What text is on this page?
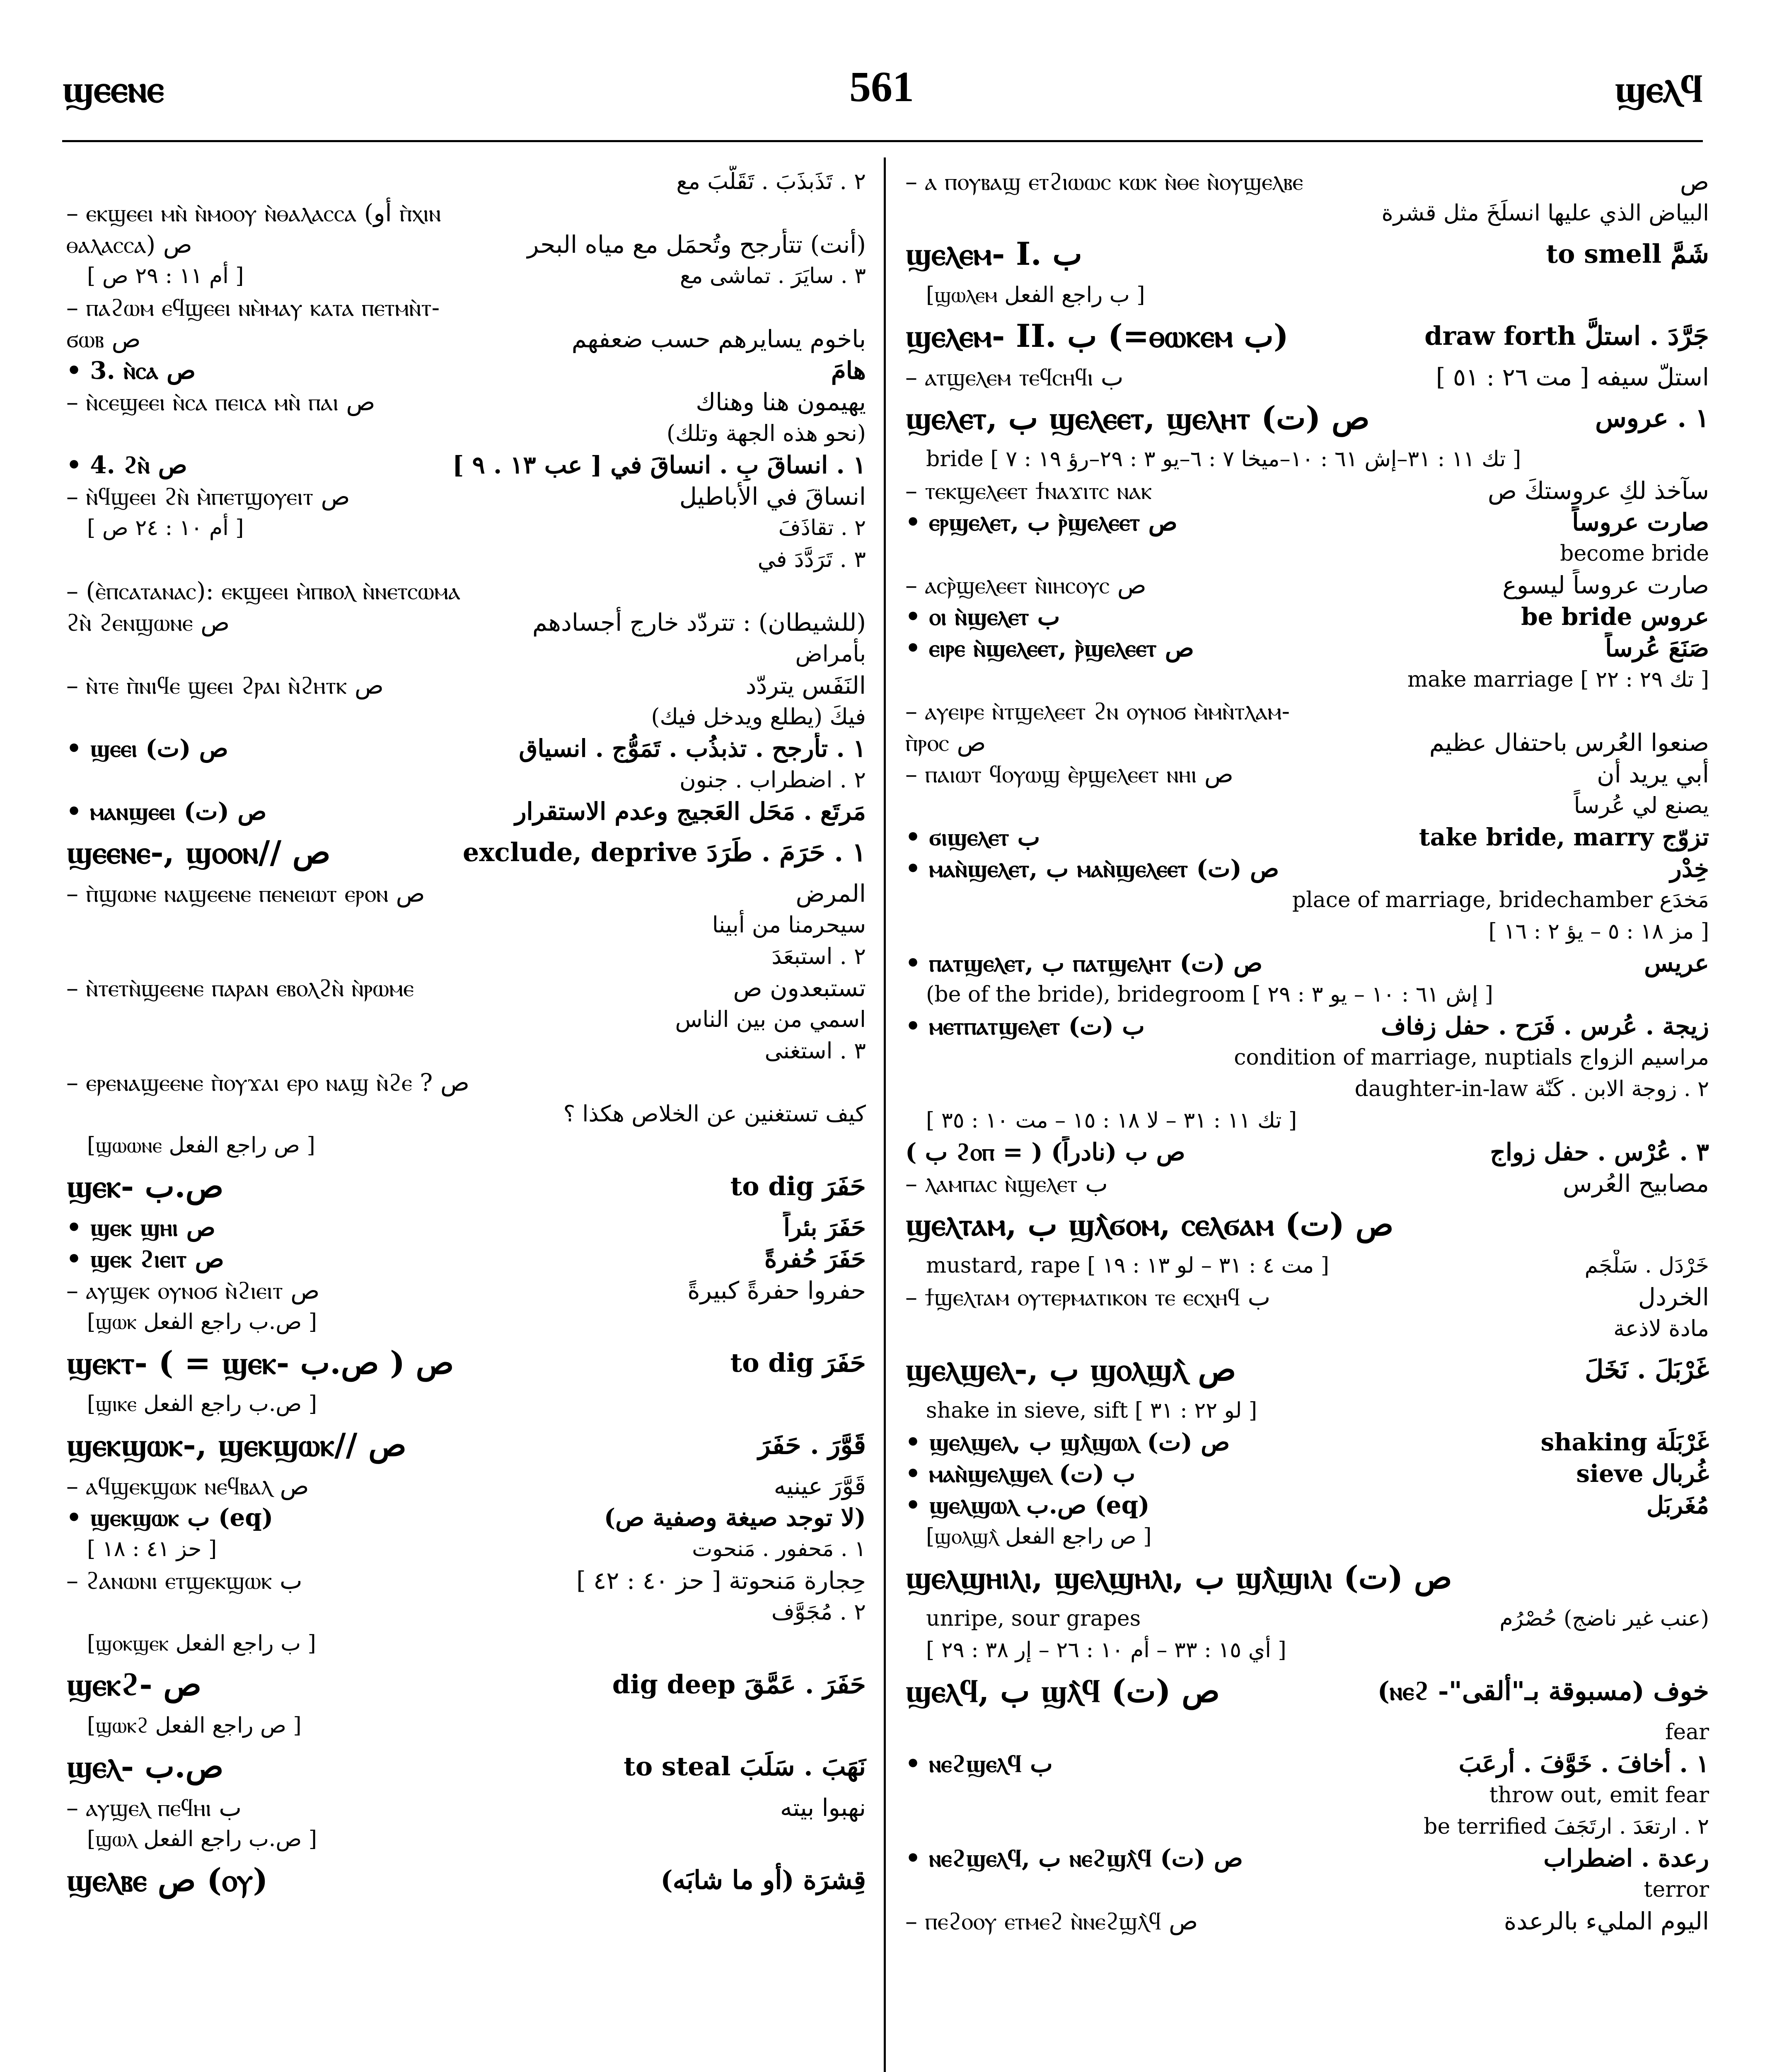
ϣⲉⲉⲛⲉ	561	ϣⲉⲗϥ
٢ . تَذَبذَبَ . تَقَلَّبَ مع
– ⲉⲕϣⲉⲉⲓ ⲙⲛ̀ ⲛ̀ⲙⲟⲟⲩ ⲛ̀ⲑⲁⲗⲁⲥⲥⲁ (أو ⲡ̀ⲭⲓⲛ
ⲑⲁⲗⲁⲥⲥⲁ) ص	(أنت) تتأرجح وتُحمَل مع مياه البحر
[ أم ١١ : ٢٩ ص ]	٣ . سايَرَ . تماشى مع
– ⲡⲁϩⲱⲙ ⲉϥϣⲉⲉⲓ ⲛⲙ̀ⲙⲁⲩ ⲕⲁⲧⲁ ⲡⲉⲧⲙⲛ̀ⲧ-
ϭⲱⲃ ص	باخوم يسايرهم حسب ضعفهم
• 3. ⲛ̀ⲥⲁ ص	هامَ
– ⲛ̀ⲥⲉϣⲉⲉⲓ ⲛ̀ⲥⲁ ⲡⲉⲓⲥⲁ ⲙⲛ̀ ⲡⲁⲓ ص	يهيمون هنا وهناك
(نحو هذه الجهة وتلك)
• 4. ϩⲛ̀ ص	١ . انساقَ بِ . انساقَ في [ عب ١٣ . ٩ ]
– ⲛ̀ϥϣⲉⲉⲓ ϩⲛ̀ ⲙ̀ⲡⲉⲧϣⲟⲩⲉⲓⲧ ص	انساقَ في الأباطيل
[ أم ١٠ : ٢٤ ص ]	٢ . تقاذَفَ
٣ . تَرَدَّدَ في
– (ⲉ̀ⲡⲥⲁⲧⲁⲛⲁⲥ): ⲉⲕϣⲉⲉⲓ ⲙ̀ⲡⲃⲟⲗ ⲛ̀ⲛⲉⲧⲥⲱⲙⲁ
ϩⲛ̀ ϩⲉⲛϣⲱⲛⲉ ص	(للشيطان) : تتردّد خارج أجسادهم
بأمراض
– ⲛ̀ⲧⲉ ⲡ̀ⲛⲓϥⲉ ϣⲉⲉⲓ ϩⲣⲁⲓ ⲛ̀ϩⲏⲧⲕ ص	النَفَس يتردّد
فيكَ (يطلع ويدخل فيك)
• ϣⲉⲉⲓ ص (ت)	١ . تأرجح . تذبذُب . تَمَوُّج . انسياق
٢ . اضطراب . جنون
• ⲙⲁⲛϣⲉⲉⲓ ص (ت)	مَرتَع . مَحَل العَجيج وعدم الاستقرار
ϣⲉⲉⲛⲉ-, ϣⲟⲟⲛ// ص	exclude, deprive ١ . حَرَمَ . طَرَدَ
– ⲡ̀ϣⲱⲛⲉ ⲛⲁϣⲉⲉⲛⲉ ⲡⲉⲛⲉⲓⲱⲧ ⲉⲣⲟⲛ ص	المرض
سيحرمنا من أبينا
٢ . استبعَدَ
– ⲛ̀ⲧⲉⲧⲛ̀ϣⲉⲉⲛⲉ ⲡⲁⲣⲁⲛ ⲉⲃⲟⲗϩⲛ̀ ⲛ̀ⲣⲱⲙⲉ	تستبعدون ص
اسمي من بين الناس
٣ . استغنى
– ⲉⲣⲉⲛⲁϣⲉⲉⲛⲉ ⲡ̀ⲟⲩϫⲁⲓ ⲉⲣⲟ ⲛⲁϣ ⲛ̀ϩⲉ ? ص
كيف تستغنين عن الخلاص هكذا ؟
[ϣⲱⲱⲛⲉ ص راجع الفعل ]
ϣⲉⲕ- ص.ب	to dig حَفَرَ
• ϣⲉⲕ ϣⲏⲓ ص	حَفَرَ بئراً
• ϣⲉⲕ ϩⲓⲉⲓⲧ ص	حَفَرَ حُفرةً
– ⲁⲩϣⲉⲕ ⲟⲩⲛⲟϭ ⲛ̀ϩⲓⲉⲓⲧ ص	حفروا حفرةً كبيرةً
[ϣⲱⲕ ص.ب راجع الفعل ]
ϣⲉⲕⲧ- ( = ϣⲉⲕ- ص.ب ) ص	to dig حَفَرَ
[ϣⲓⲕⲉ ص.ب راجع الفعل ]
ϣⲉⲕϣⲱⲕ-, ϣⲉⲕϣⲱⲕ// ص	قَوَّرَ . حَفَرَ
– ⲁϥϣⲉⲕϣⲱⲕ ⲛⲉϥⲃⲁⲗ ص	قَوَّرَ عينيه
• ϣⲉⲕϣⲱⲕ ب (eq)	(لا توجد صيغة وصفية ص)
[ حز ٤١ : ١٨ ]	١ . مَحفور . مَنحوت
– ϩⲁⲛⲱⲛⲓ ⲉⲧϣⲉⲕϣⲱⲕ ب	حِجارة مَنحوتة [ حز ٤٠ : ٤٢ ]
٢ . مُجَوَّف
[ϣⲟⲕϣⲉⲕ ب راجع الفعل ]
ϣⲉⲕϩ- ص	dig deep حَفَرَ . عَمَّقَ
[ϣⲱⲕϩ ص راجع الفعل ]
ϣⲉⲗ- ص.ب	to steal نَهَبَ . سَلَبَ
– ⲁⲩϣⲉⲗ ⲡⲉϥⲏⲓ ب	نهبوا بيته
[ϣⲱⲗ ص.ب راجع الفعل ]
ϣⲉⲗⲃⲉ ص (ⲟⲩ)	قِشرَة (أو ما شابَه)
– ⲁ ⲡⲟⲩⲃⲁϣ ⲉⲧϩⲓⲱⲱⲥ ⲕⲱⲕ ⲛ̀ⲑⲉ ⲛ̀ⲟⲩϣⲉⲗⲃⲉ	ص
البياض الذي عليها انسلَخَ مثل قشرة
ϣⲉⲗⲉⲙ- I. ب	to smell شَمَّ
[ϣⲱⲗⲉⲙ ب راجع الفعل ]
ϣⲉⲗⲉⲙ- II. ب (=ⲑⲱⲕⲉⲙ ب)	draw forth جَرَّدَ . استلَّ
– ⲁⲧϣⲉⲗⲉⲙ ⲧⲉϥⲥⲏϥⲓ ب	استلّ سيفه [ مت ٢٦ : ٥١ ]
ϣⲉⲗⲉⲧ, ب ϣⲉⲗⲉⲉⲧ, ϣⲉⲗⲏⲧ ص (ت)	١ . عروس
bride [ تك ١١ : ٣١–إش ٦١ : ١٠–ميخا ٧ : ٦–يو ٣ : ٢٩–رؤ ١٩ : ٧ ]
– ⲧⲉⲕϣⲉⲗⲉⲉⲧ ϯⲛⲁϫⲓⲧⲥ ⲛⲁⲕ	سآخذ لكِ عروستكَ ص
• ⲉⲣϣⲉⲗⲉⲧ, ب ⲣ̀ϣⲉⲗⲉⲉⲧ ص	صارت عروساً
become bride
– ⲁⲥⲣ̀ϣⲉⲗⲉⲉⲧ ⲛ̀ⲓⲏⲥⲟⲩⲥ ص	صارت عروساً ليسوع
• ⲟⲓ ⲛ̀ϣⲉⲗⲉⲧ ب	be bride عروس
• ⲉⲓⲣⲉ ⲛ̀ϣⲉⲗⲉⲉⲧ, ⲣ̀ϣⲉⲗⲉⲉⲧ ص	صَنَعَ عُرساً
make marriage [ تك ٢٩ : ٢٢ ]
– ⲁⲩⲉⲓⲣⲉ ⲛ̀ⲧϣⲉⲗⲉⲉⲧ ϩⲛ ⲟⲩⲛⲟϭ ⲙ̀ⲙⲛ̀ⲧⲗⲁⲙ-
ⲡ̀ⲣⲟⲥ ص	صنعوا العُرس باحتفال عظيم
– ⲡⲁⲓⲱⲧ ϥⲟⲩⲱϣ ⲉ̀ⲣϣⲉⲗⲉⲉⲧ ⲛⲏⲓ ص	أبي يريد أن
يصنع لي عُرساً
• ϭⲓϣⲉⲗⲉⲧ ب	take bride, marry تزوّج
• ⲙⲁⲛ̀ϣⲉⲗⲉⲧ, ب ⲙⲁⲛ̀ϣⲉⲗⲉⲉⲧ ص (ت)	خِدْر
place of marriage, bridechamber مَخدَع
[ مز ١٨ : ٥ – يؤ ٢ : ١٦ ]
• ⲡⲁⲧϣⲉⲗⲉⲧ, ب ⲡⲁⲧϣⲉⲗⲏⲧ ص (ت)	عريس
(be of the bride), bridegroom [ إش ٦١ : ١٠ – يو ٣ : ٢٩ ]
• ⲙⲉⲧⲡⲁⲧϣⲉⲗⲉⲧ ب (ت)	زيجة . عُرس . فَرَح . حفل زفاف
condition of marriage, nuptials مراسيم الزواج
daughter-in-law ٢ . زوجة الابن . كَنّة
[ تك ١١ : ٣١ – لا ١٨ : ١٥ – مت ١٠ : ٣٥ ]
( ب ϩⲟⲡ = ) ص ب (نادراً)	٣ . عُرْس . حفل زواج
– ⲗⲁⲙⲡⲁⲥ ⲛ̀ϣⲉⲗⲉⲧ ب	مصابيح العُرس
ϣⲉⲗⲧⲁⲙ, ب ϣⲗ̀ϭⲟⲙ, ⲥⲉⲗϭⲁⲙ ص (ت)
mustard, rape [ مت ٤ : ٣١ – لو ١٣ : ١٩ ]	خَرْدَل . سَلْجَم
– ϯϣⲉⲗⲧⲁⲙ ⲟⲩⲧⲉⲣⲙⲁⲧⲓⲕⲟⲛ ⲧⲉ ⲉⲥⲭⲏϥ ب	الخردل
مادة لاذعة
ϣⲉⲗϣⲉⲗ-, ب ϣⲟⲗϣⲗ̀ ص	غَرْبَلَ . نَخَلَ
shake in sieve, sift [ لو ٢٢ : ٣١ ]
• ϣⲉⲗϣⲉⲗ, ب ϣⲗ̀ϣⲱⲗ ص (ت)	shaking غَرْبَلَة
• ⲙⲁⲛ̀ϣⲉⲗϣⲉⲗ ب (ت)	sieve غُربال
• ϣⲉⲗϣⲱⲗ ص.ب (eq)	مُغَربَل
[ϣⲟⲗϣⲗ̀ ص راجع الفعل ]
ϣⲉⲗϣⲏⲓⲗⲓ, ϣⲉⲗϣⲏⲗⲓ, ب ϣⲗ̀ϣⲓⲗⲓ ص (ت)
unripe, sour grapes	(عنب غير ناضج) حُصْرُم
[ أي ١٥ : ٣٣ – أم ١٠ : ٢٦ – إر ٣٨ : ٢٩ ]
ϣⲉⲗϥ, ب ϣⲗ̀ϥ ص (ت)	خوف (مسبوقة بـ"ألقى"- ⲛⲉϩ)
fear
• ⲛⲉϩϣⲉⲗϥ ب	١ . أخافَ . خَوَّفَ . أرعَبَ
throw out, emit fear
be terrified ٢ . ارتعَدَ . ارتَجَفَ
• ⲛⲉϩϣⲉⲗϥ, ب ⲛⲉϩϣⲗ̀ϥ ص (ت)	رعدة . اضطراب
terror
– ⲡⲉϩⲟⲟⲩ ⲉⲧⲙⲉϩ ⲛ̀ⲛⲉϩϣⲗ̀ϥ ص	اليوم المليء بالرعدة
